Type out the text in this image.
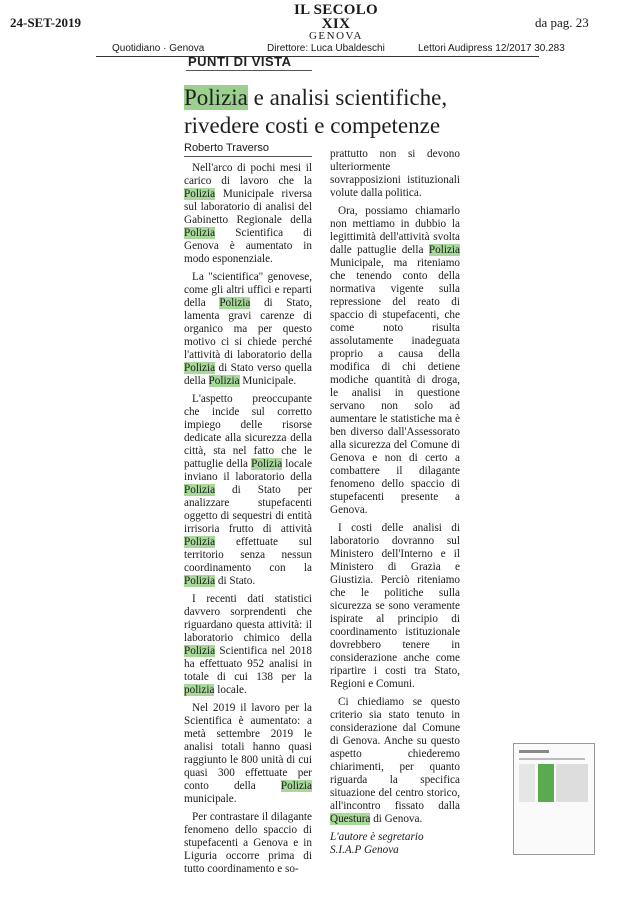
24-SET-2019	da pag. 23
IL SECOLO XIX
GENOVA
Quotidiano · Genova	Direttore: Luca Ubaldeschi	Lettori Audipress 12/2017 30.283
PUNTI DI VISTA
Polizia e analisi scientifiche, rivedere costi e competenze
Roberto Traverso

Nell'arco di pochi mesi il carico di lavoro che la Polizia Municipale riversa sul laboratorio di analisi del Gabinetto Regionale della Polizia Scientifica di Genova è aumentato in modo esponenziale.

La "scientifica" genovese, come gli altri uffici e reparti della Polizia di Stato, lamenta gravi carenze di organico ma per questo motivo ci si chiede perché l'attività di laboratorio della Polizia di Stato verso quella della Polizia Municipale.

L'aspetto preoccupante che incide sul corretto impiego delle risorse dedicate alla sicurezza della città, sta nel fatto che le pattuglie della Polizia locale inviano il laboratorio della Polizia di Stato per analizzare stupefacenti oggetto di sequestri di entità irrisoria frutto di attività Polizia effettuate sul territorio senza nessun coordinamento con la Polizia di Stato.

I recenti dati statistici davvero sorprendenti che riguardano questa attività: il laboratorio chimico della Polizia Scientifica nel 2018 ha effettuato 952 analisi in totale di cui 138 per la polizia locale.

Nel 2019 il lavoro per la Scientifica è aumentato: a metà settembre 2019 le analisi totali hanno quasi raggiunto le 800 unità di cui quasi 300 effettuate per conto della Polizia municipale.

Per contrastare il dilagante fenomeno dello spaccio di stupefacenti a Genova e in Liguria occorre prima di tutto coordinamento e so-

prattutto non si devono ulteriormente sovrapposizioni istituzionali volute dalla politica.

Ora, possiamo chiamarlo non mettiamo in dubbio la legittimità dell'attività svolta dalle pattuglie della Polizia Municipale, ma riteniamo che tenendo conto della normativa vigente sulla repressione del reato di spaccio di stupefacenti, che come noto risulta assolutamente inadeguata proprio a causa della modifica di chi detiene modiche quantità di droga, le analisi in questione servano non solo ad aumentare le statistiche ma è ben diverso dall'Assessorato alla sicurezza del Comune di Genova e non di certo a combattere il dilagante fenomeno dello spaccio di stupefacenti presente a Genova.

I costi delle analisi di laboratorio dovranno sul Ministero dell'Interno e il Ministero di Grazia e Giustizia. Perciò riteniamo che le politiche sulla sicurezza se sono veramente ispirate al principio di coordinamento istituzionale dovrebbero tenere in considerazione anche come ripartire i costi tra Stato, Regioni e Comuni.

Ci chiediamo se questo criterio sia stato tenuto in considerazione dal Comune di Genova. Anche su questo aspetto chiederemo chiarimenti, per quanto riguarda la specifica situazione del centro storico, all'incontro fissato dalla Questura di Genova.

L'autore è segretario
S.I.A.P Genova
